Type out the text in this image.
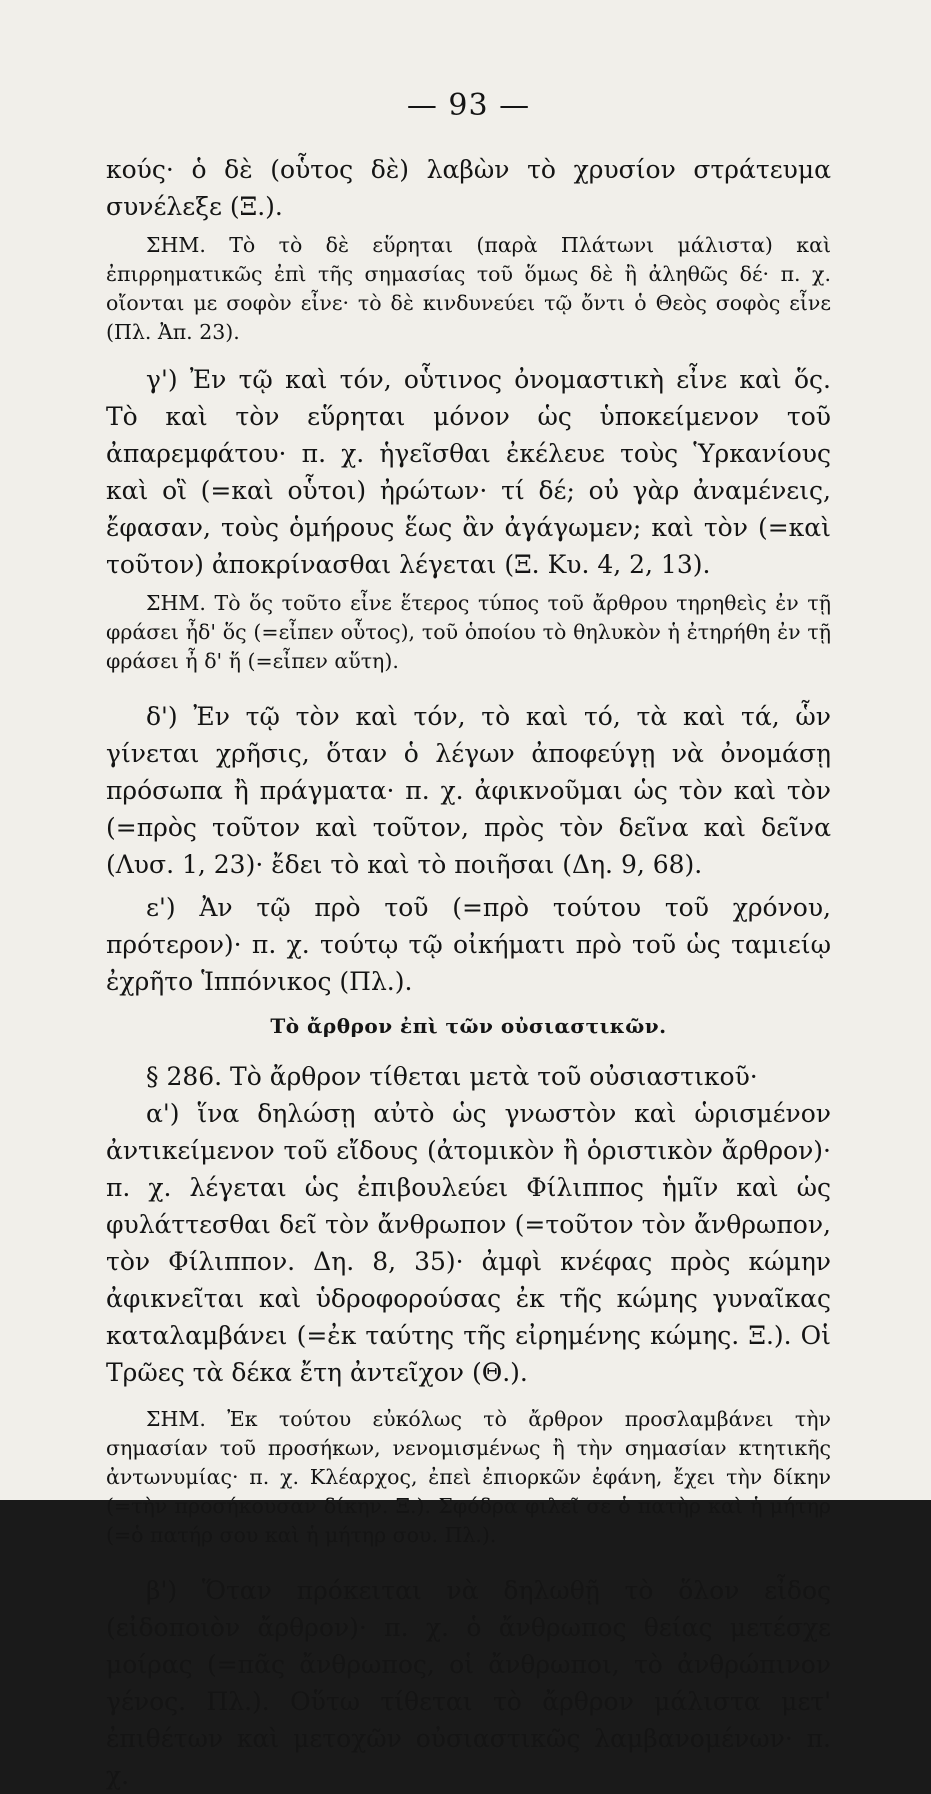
— 93 —

κούς· ὁ δὲ (οὗτος δὲ) λαβὼν τὸ χρυσίον στράτευμα συνέλεξε (Ξ.).

ΣΗΜ. Τὸ τὸ δὲ εὕρηται (παρὰ Πλάτωνι μάλιστα) καὶ ἐπιρρηματικῶς ἐπὶ τῆς σημασίας τοῦ ὅμως δὲ ἢ ἀληθῶς δέ· π. χ. οἴονται με σοφὸν εἶνε· τὸ δὲ κινδυνεύει τῷ ὄντι ὁ Θεὸς σοφὸς εἶνε (Πλ. Ἀπ. 23).

γ') Ἐν τῷ καὶ τόν, οὗτινος ὀνομαστικὴ εἶνε καὶ ὅς. Τὸ καὶ τὸν εὕρηται μόνον ὡς ὑποκείμενον τοῦ ἀπαρεμφάτου· π. χ. ἡγεῖσθαι ἐκέλευε τοὺς Ὑρκανίους καὶ οἳ (=καὶ οὗτοι) ἠρώτων· τί δέ; οὐ γὰρ ἀναμένεις, ἔφασαν, τοὺς ὁμήρους ἕως ἂν ἀγάγωμεν; καὶ τὸν (=καὶ τοῦτον) ἀποκρίνασθαι λέγεται (Ξ. Κυ. 4, 2, 13).

ΣΗΜ. Τὸ ὅς τοῦτο εἶνε ἕτερος τύπος τοῦ ἄρθρου τηρηθεὶς ἐν τῇ φράσει ἦδ' ὅς (=εἶπεν οὗτος), τοῦ ὁποίου τὸ θηλυκὸν ἡ ἐτηρήθη ἐν τῇ φράσει ἦ δ' ἥ (=εἶπεν αὕτη).

δ') Ἐν τῷ τὸν καὶ τόν, τὸ καὶ τό, τὰ καὶ τά, ὧν γίνεται χρῆσις, ὅταν ὁ λέγων ἀποφεύγῃ νὰ ὀνομάσῃ πρόσωπα ἢ πράγματα· π. χ. ἀφικνοῦμαι ὡς τὸν καὶ τὸν (=πρὸς τοῦτον καὶ τοῦτον, πρὸς τὸν δεῖνα καὶ δεῖνα (Λυσ. 1, 23)· ἔδει τὸ καὶ τὸ ποιῆσαι (Δη. 9, 68).

ε') Ἀν τῷ πρὸ τοῦ (=πρὸ τούτου τοῦ χρόνου, πρότερον)· π. χ. τούτῳ τῷ οἰκήματι πρὸ τοῦ ὡς ταμιείῳ ἐχρῆτο Ἱππόνικος (Πλ.).

Τὸ ἄρθρον ἐπὶ τῶν οὐσιαστικῶν.

§ 286. Τὸ ἄρθρον τίθεται μετὰ τοῦ οὐσιαστικοῦ·

α') ἵνα δηλώσῃ αὐτὸ ὡς γνωστὸν καὶ ὡρισμένον ἀντικείμενον τοῦ εἴδους (ἀτομικὸν ἢ ὁριστικὸν ἄρθρον)· π. χ. λέγεται ὡς ἐπιβουλεύει Φίλιππος ἡμῖν καὶ ὡς φυλάττεσθαι δεῖ τὸν ἄνθρωπον (=τοῦτον τὸν ἄνθρωπον, τὸν Φίλιππον. Δη. 8, 35)· ἀμφὶ κνέφας πρὸς κώμην ἀφικνεῖται καὶ ὑδροφορούσας ἐκ τῆς κώμης γυναῖκας καταλαμβάνει (=ἐκ ταύτης τῆς εἰρημένης κώμης. Ξ.). Οἱ Τρῶες τὰ δέκα ἔτη ἀντεῖχον (Θ.).

ΣΗΜ. Ἐκ τούτου εὐκόλως τὸ ἄρθρον προσλαμβάνει τὴν σημασίαν τοῦ προσήκων, νενομισμένως ἢ τὴν σημασίαν κτητικῆς ἀντωνυμίας· π. χ. Κλέαρχος, ἐπεὶ ἐπιορκῶν ἐφάνη, ἔχει τὴν δίκην (=τὴν προσήκουσαν δίκην. Ξ.). Σφόδρα φιλεῖ σε ὁ πατὴρ καὶ ἡ μήτηρ (=ὁ πατήρ σου καὶ ἡ μήτηρ σου. Πλ.).

β') Ὅταν πρόκειται νὰ δηλωθῇ τὸ ὅλον εἶδος (εἰδοποιὸν ἄρθρον)· π. χ. ὁ ἄνθρωπος θείας μετέσχε μοίρας (=πᾶς ἄνθρωπος, οἱ ἄνθρωποι, τὸ ἀνθρώπινον γένος. Πλ.). Οὕτω τίθεται τὸ ἄρθρον μάλιστα μετ' ἐπιθέτων καὶ μετοχῶν οὐσιαστικῶς λαμβανομένων· π. χ.
